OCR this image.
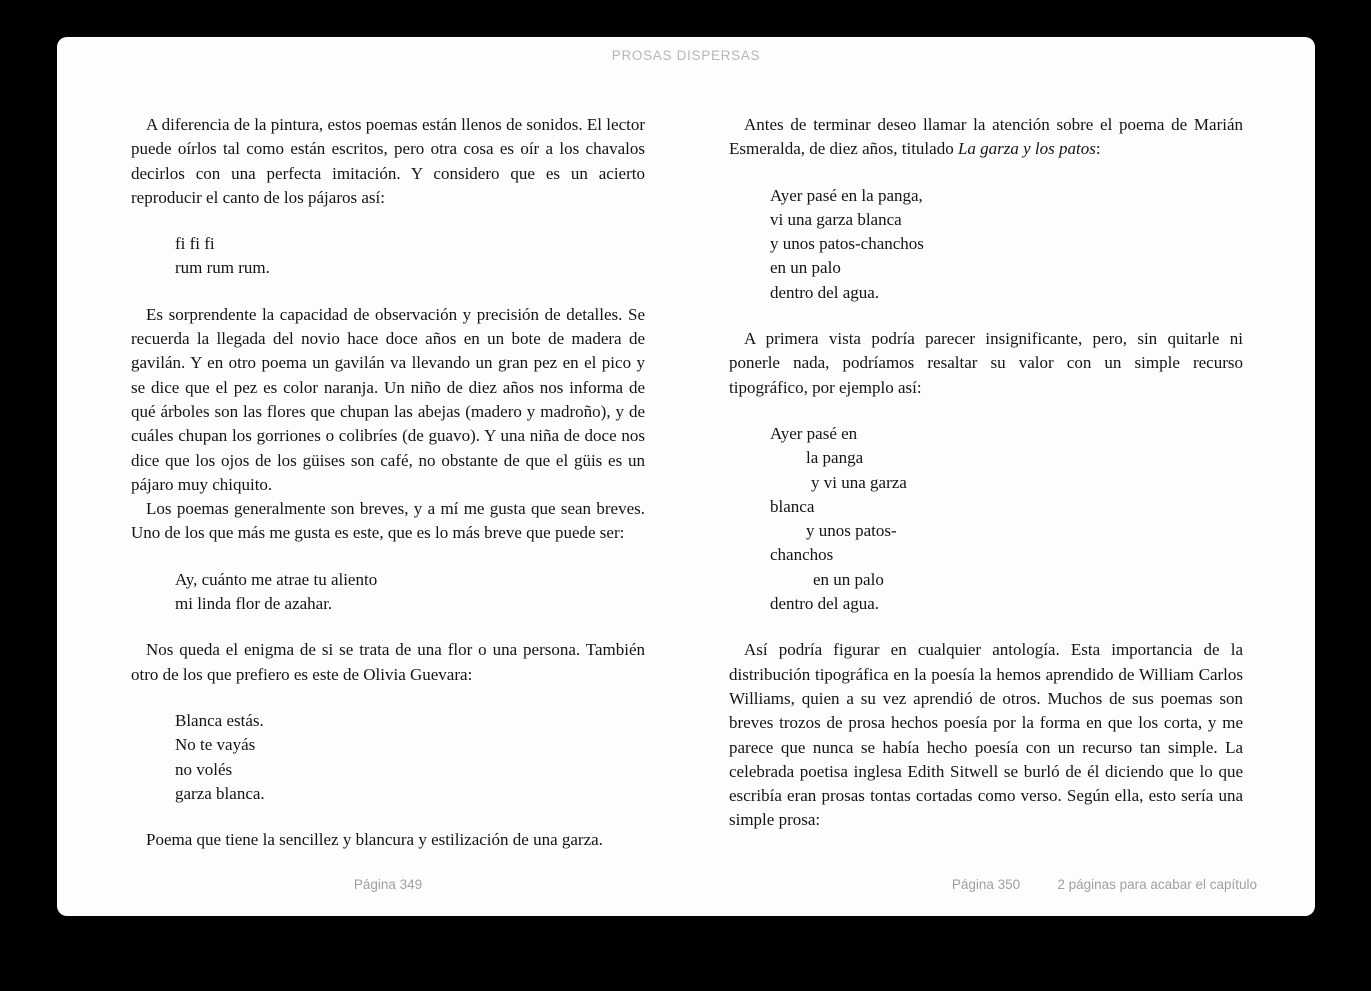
PROSAS DISPERSAS

A diferencia de la pintura, estos poemas están llenos de sonidos. El lector puede oírlos tal como están escritos, pero otra cosa es oír a los chavalos decirlos con una perfecta imitación. Y considero que es un acierto reproducir el canto de los pájaros así:

fi fi fi
rum rum rum.

Es sorprendente la capacidad de observación y precisión de detalles. Se recuerda la llegada del novio hace doce años en un bote de madera de gavilán. Y en otro poema un gavilán va llevando un gran pez en el pico y se dice que el pez es color naranja. Un niño de diez años nos informa de qué árboles son las flores que chupan las abejas (madero y madroño), y de cuáles chupan los gorriones o colibríes (de guavo). Y una niña de doce nos dice que los ojos de los güises son café, no obstante de que el güis es un pájaro muy chiquito.

Los poemas generalmente son breves, y a mí me gusta que sean breves. Uno de los que más me gusta es este, que es lo más breve que puede ser:

Ay, cuánto me atrae tu aliento
mi linda flor de azahar.

Nos queda el enigma de si se trata de una flor o una persona. También otro de los que prefiero es este de Olivia Guevara:

Blanca estás.
No te vayás
no volés
garza blanca.

Poema que tiene la sencillez y blancura y estilización de una garza.

Antes de terminar deseo llamar la atención sobre el poema de Marián Esmeralda, de diez años, titulado La garza y los patos:

Ayer pasé en la panga,
vi una garza blanca
y unos patos-chanchos
en un palo
dentro del agua.

A primera vista podría parecer insignificante, pero, sin quitarle ni ponerle nada, podríamos resaltar su valor con un simple recurso tipográfico, por ejemplo así:

Ayer pasé en
la panga
y vi una garza
blanca
y unos patos-
chanchos
en un palo
dentro del agua.

Así podría figurar en cualquier antología. Esta importancia de la distribución tipográfica en la poesía la hemos aprendido de William Carlos Williams, quien a su vez aprendió de otros. Muchos de sus poemas son breves trozos de prosa hechos poesía por la forma en que los corta, y me parece que nunca se había hecho poesía con un recurso tan simple. La celebrada poetisa inglesa Edith Sitwell se burló de él diciendo que lo que escribía eran prosas tontas cortadas como verso. Según ella, esto sería una simple prosa:

Página 349	Página 350	2 páginas para acabar el capítulo
